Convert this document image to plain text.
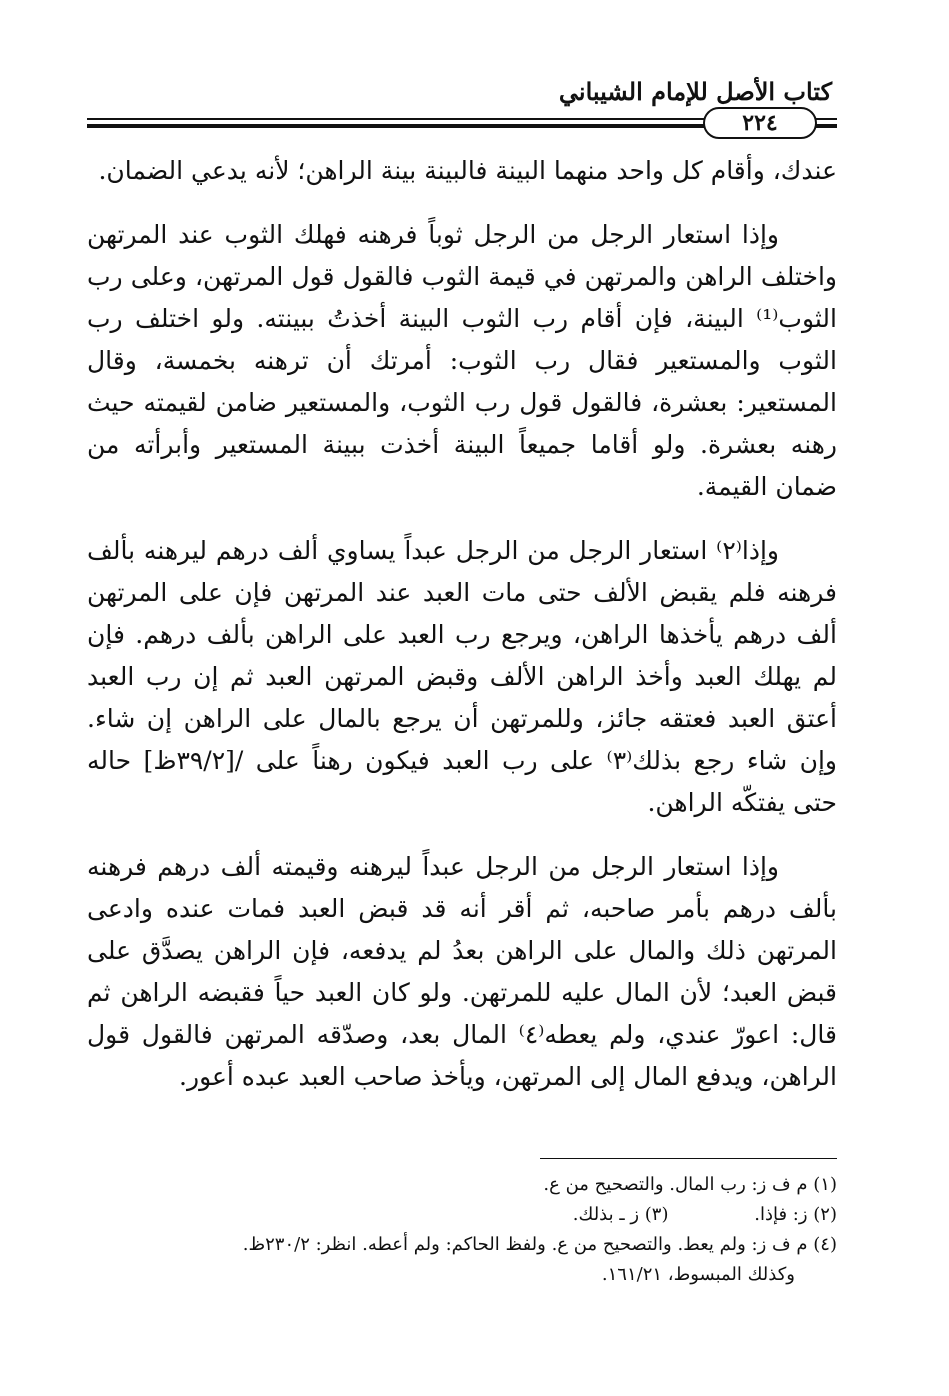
كتاب الأصل للإمام الشيباني
٢٢٤

عندك، وأقام كل واحد منهما البينة فالبينة بينة الراهن؛ لأنه يدعي الضمان.

وإذا استعار الرجل من الرجل ثوباً فرهنه فهلك الثوب عند المرتهن واختلف الراهن والمرتهن في قيمة الثوب فالقول قول المرتهن، وعلى رب الثوب⁽¹⁾ البينة، فإن أقام رب الثوب البينة أخذتُ ببينته. ولو اختلف رب الثوب والمستعير فقال رب الثوب: أمرتك أن ترهنه بخمسة، وقال المستعير: بعشرة، فالقول قول رب الثوب، والمستعير ضامن لقيمته حيث رهنه بعشرة. ولو أقاما جميعاً البينة أخذت ببينة المستعير وأبرأته من ضمان القيمة.

وإذا⁽٢⁾ استعار الرجل من الرجل عبداً يساوي ألف درهم ليرهنه بألف فرهنه فلم يقبض الألف حتى مات العبد عند المرتهن فإن على المرتهن ألف درهم يأخذها الراهن، ويرجع رب العبد على الراهن بألف درهم. فإن لم يهلك العبد وأخذ الراهن الألف وقبض المرتهن العبد ثم إن رب العبد أعتق العبد فعتقه جائز، وللمرتهن أن يرجع بالمال على الراهن إن شاء. وإن شاء رجع بذلك⁽٣⁾ على رب العبد فيكون رهناً على /[٣٩/٢ظ] حاله حتى يفتكّه الراهن.

وإذا استعار الرجل من الرجل عبداً ليرهنه وقيمته ألف درهم فرهنه بألف درهم بأمر صاحبه، ثم أقر أنه قد قبض العبد فمات عنده وادعى المرتهن ذلك والمال على الراهن بعدُ لم يدفعه، فإن الراهن يصدَّق على قبض العبد؛ لأن المال عليه للمرتهن. ولو كان العبد حياً فقبضه الراهن ثم قال: اعورّ عندي، ولم يعطه⁽٤⁾ المال بعد، وصدّقه المرتهن فالقول قول الراهن، ويدفع المال إلى المرتهن، ويأخذ صاحب العبد عبده أعور.

(١) م ف ز: رب المال. والتصحيح من ع.
(٢) ز: فإذا. (٣) ز ـ بذلك.
(٤) م ف ز: ولم يعط. والتصحيح من ع. ولفظ الحاكم: ولم أعطه. انظر: ٢٣٠/٢ظ.
وكذلك المبسوط، ١٦١/٢١.
